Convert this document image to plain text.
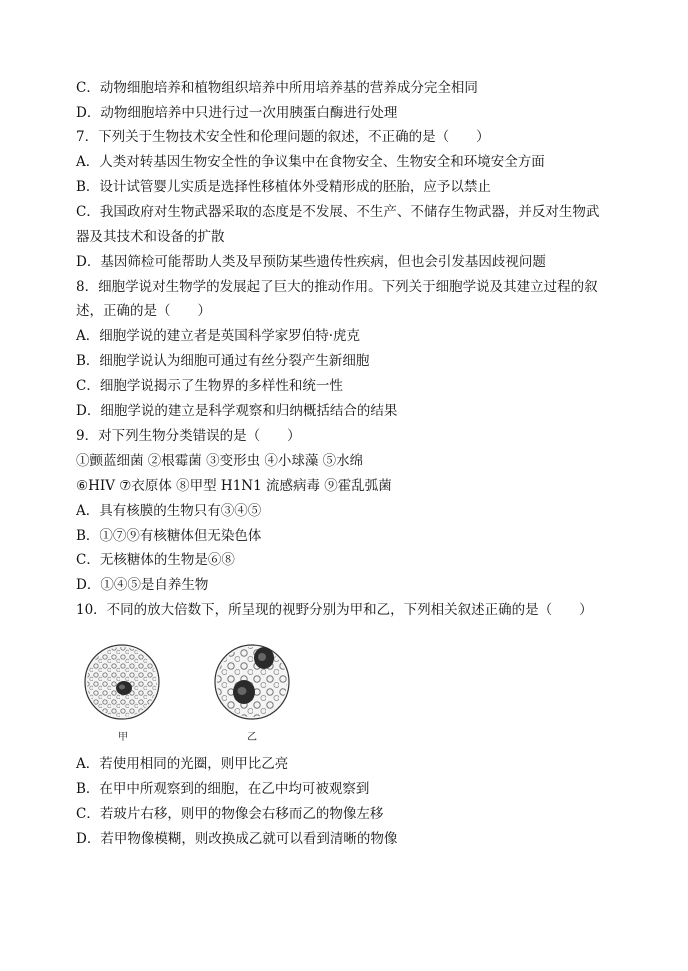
C．动物细胞培养和植物组织培养中所用培养基的营养成分完全相同
D．动物细胞培养中只进行过一次用胰蛋白酶进行处理
7．下列关于生物技术安全性和伦理问题的叙述，不正确的是（　　）
A．人类对转基因生物安全性的争议集中在食物安全、生物安全和环境安全方面
B．设计试管婴儿实质是选择性移植体外受精形成的胚胎，应予以禁止
C．我国政府对生物武器采取的态度是不发展、不生产、不储存生物武器，并反对生物武
器及其技术和设备的扩散
D．基因筛检可能帮助人类及早预防某些遗传性疾病，但也会引发基因歧视问题
8．细胞学说对生物学的发展起了巨大的推动作用。下列关于细胞学说及其建立过程的叙
述，正确的是（　　）
A．细胞学说的建立者是英国科学家罗伯特·虎克
B．细胞学说认为细胞可通过有丝分裂产生新细胞
C．细胞学说揭示了生物界的多样性和统一性
D．细胞学说的建立是科学观察和归纳概括结合的结果
9．对下列生物分类错误的是（　　）
①颤蓝细菌 ②根霉菌 ③变形虫 ④小球藻 ⑤水绵
⑥HIV ⑦衣原体 ⑧甲型 H1N1 流感病毒 ⑨霍乱弧菌
A．具有核膜的生物只有③④⑤
B．①⑦⑨有核糖体但无染色体
C．无核糖体的生物是⑥⑧
D．①④⑤是自养生物
10．不同的放大倍数下，所呈现的视野分别为甲和乙，下列相关叙述正确的是（　　）
甲	乙
A．若使用相同的光圈，则甲比乙亮
B．在甲中所观察到的细胞，在乙中均可被观察到
C．若玻片右移，则甲的物像会右移而乙的物像左移
D．若甲物像模糊，则改换成乙就可以看到清晰的物像
